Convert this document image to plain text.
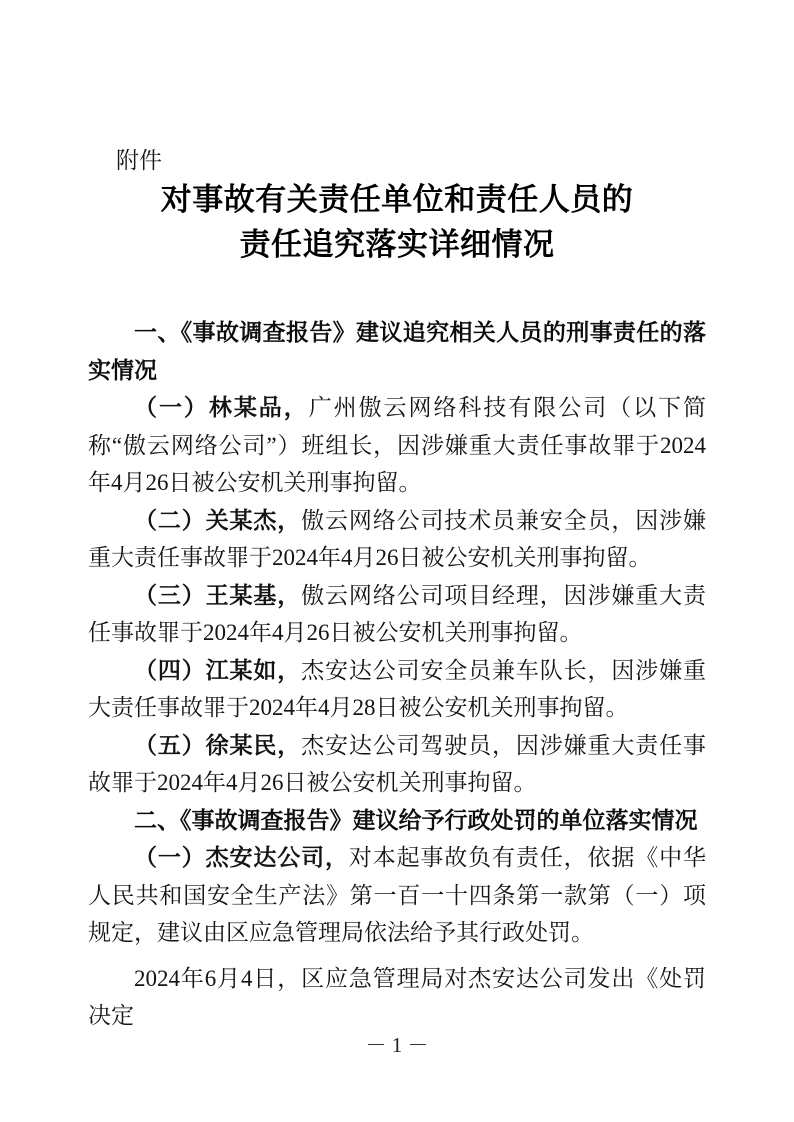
附件
对事故有关责任单位和责任人员的
责任追究落实详细情况

一、《事故调查报告》建议追究相关人员的刑事责任的落实情况

（一）林某品，广州傲云网络科技有限公司（以下简称“傲云网络公司”）班组长，因涉嫌重大责任事故罪于2024年4月26日被公安机关刑事拘留。

（二）关某杰，傲云网络公司技术员兼安全员，因涉嫌重大责任事故罪于2024年4月26日被公安机关刑事拘留。

（三）王某基，傲云网络公司项目经理，因涉嫌重大责任事故罪于2024年4月26日被公安机关刑事拘留。

（四）江某如，杰安达公司安全员兼车队长，因涉嫌重大责任事故罪于2024年4月28日被公安机关刑事拘留。

（五）徐某民，杰安达公司驾驶员，因涉嫌重大责任事故罪于2024年4月26日被公安机关刑事拘留。

二、《事故调查报告》建议给予行政处罚的单位落实情况

（一）杰安达公司，对本起事故负有责任，依据《中华人民共和国安全生产法》第一百一十四条第一款第（一）项规定，建议由区应急管理局依法给予其行政处罚。

2024年6月4日，区应急管理局对杰安达公司发出《处罚决定

－ 1 －
